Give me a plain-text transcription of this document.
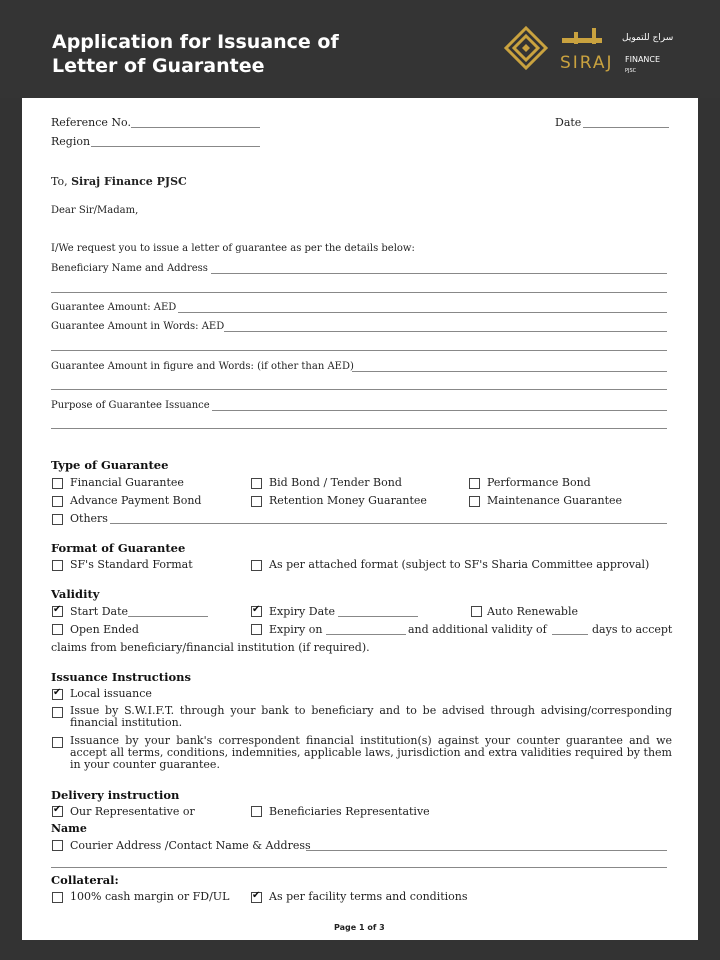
Application for Issuance of
Letter of Guarantee
سراج للتمويل
SIRAJ FINANCE
PJSC
Reference No.
Region
Date
To, Siraj Finance PJSC
Dear Sir/Madam,
I/We request you to issue a letter of guarantee as per the details below:
Beneficiary Name and Address
Guarantee Amount: AED
Guarantee Amount in Words: AED
Guarantee Amount in figure and Words: (if other than AED)
Purpose of Guarantee Issuance
Type of Guarantee
Financial Guarantee	Bid Bond / Tender Bond	Performance Bond
Advance Payment Bond	Retention Money Guarantee	Maintenance Guarantee
Others
Format of Guarantee
SF's Standard Format	As per attached format (subject to SF's Sharia Committee approval)
Validity
✔
Start Date ✔	Expiry Date	Auto Renewable
Open Ended	Expiry on	and additional validity of	days to accept
claims from beneficiary/financial institution (if required).
Issuance Instructions
✔
Local issuance
Issue by S.W.I.F.T. through your bank to beneficiary and to be advised through advising/corresponding financial institution.
Issuance by your bank's correspondent financial institution(s) against your counter guarantee and we accept all terms, conditions, indemnities, applicable laws, jurisdiction and extra validities required by them in your counter guarantee.
Delivery instruction
✔
Our Representative or	Beneficiaries Representative
Name
Courier Address /Contact Name & Address
Collateral:
100% cash margin or FD/UL ✔	As per facility terms and conditions
Page 1 of 3
